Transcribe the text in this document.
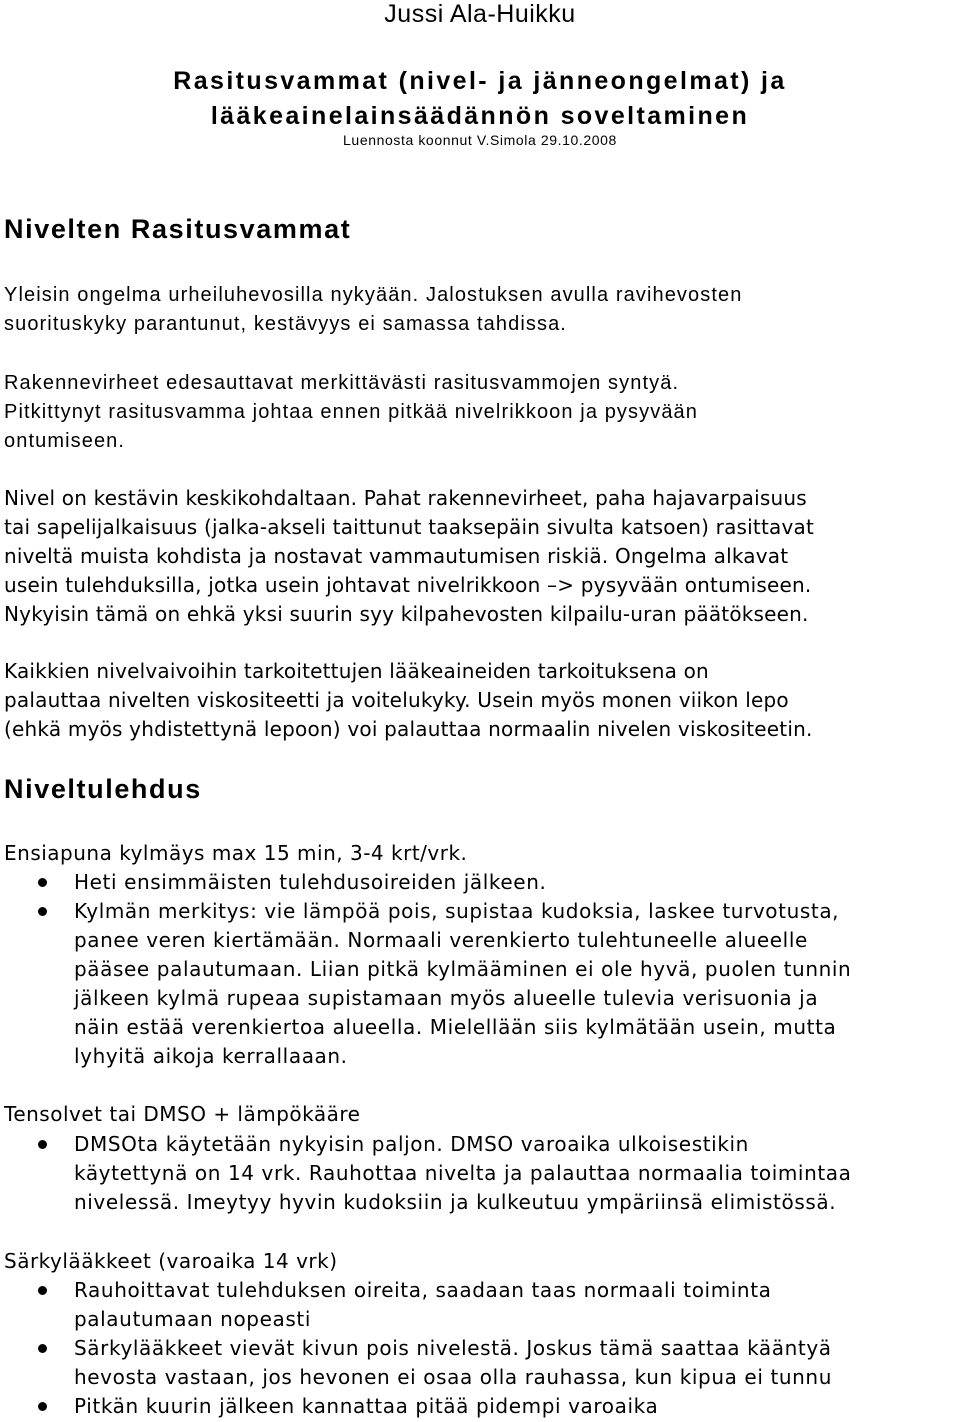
Jussi Ala-Huikku
Rasitusvammat (nivel- ja jänneongelmat) ja
lääkeainelainsäädännön soveltaminen
Luennosta koonnut V.Simola 29.10.2008
Nivelten Rasitusvammat
Yleisin ongelma urheiluhevosilla nykyään. Jalostuksen avulla ravihevosten
suorituskyky parantunut, kestävyys ei samassa tahdissa.
Rakennevirheet edesauttavat merkittävästi rasitusvammojen syntyä.
Pitkittynyt rasitusvamma johtaa ennen pitkää nivelrikkoon ja pysyvään
ontumiseen.
Nivel on kestävin keskikohdaltaan. Pahat rakennevirheet, paha hajavarpaisuus
tai sapelijalkaisuus (jalka-akseli taittunut taaksepäin sivulta katsoen) rasittavat
niveltä muista kohdista ja nostavat vammautumisen riskiä. Ongelma alkavat
usein tulehduksilla, jotka usein johtavat nivelrikkoon –> pysyvään ontumiseen.
Nykyisin tämä on ehkä yksi suurin syy kilpahevosten kilpailu-uran päätökseen.
Kaikkien nivelvaivoihin tarkoitettujen lääkeaineiden tarkoituksena on
palauttaa nivelten viskositeetti ja voitelukyky. Usein myös monen viikon lepo
(ehkä myös yhdistettynä lepoon) voi palauttaa normaalin nivelen viskositeetin.
Niveltulehdus
Ensiapuna kylmäys max 15 min, 3-4 krt/vrk.
Heti ensimmäisten tulehdusoireiden jälkeen.
Kylmän merkitys: vie lämpöä pois, supistaa kudoksia, laskee turvotusta,
panee veren kiertämään. Normaali verenkierto tulehtuneelle alueelle
pääsee palautumaan. Liian pitkä kylmääminen ei ole hyvä, puolen tunnin
jälkeen kylmä rupeaa supistamaan myös alueelle tulevia verisuonia ja
näin estää verenkiertoa alueella. Mielellään siis kylmätään usein, mutta
lyhyitä aikoja kerrallaaan.
Tensolvet tai DMSO + lämpökääre
DMSOta käytetään nykyisin paljon. DMSO varoaika ulkoisestikin
käytettynä on 14 vrk. Rauhottaa nivelta ja palauttaa normaalia toimintaa
nivelessä. Imeytyy hyvin kudoksiin ja kulkeutuu ympäriinsä elimistössä.
Särkylääkkeet (varoaika 14 vrk)
Rauhoittavat tulehduksen oireita, saadaan taas normaali toiminta
palautumaan nopeasti
Särkylääkkeet vievät kivun pois nivelestä. Joskus tämä saattaa kääntyä
hevosta vastaan, jos hevonen ei osaa olla rauhassa, kun kipua ei tunnu
Pitkän kuurin jälkeen kannattaa pitää pidempi varoaika
